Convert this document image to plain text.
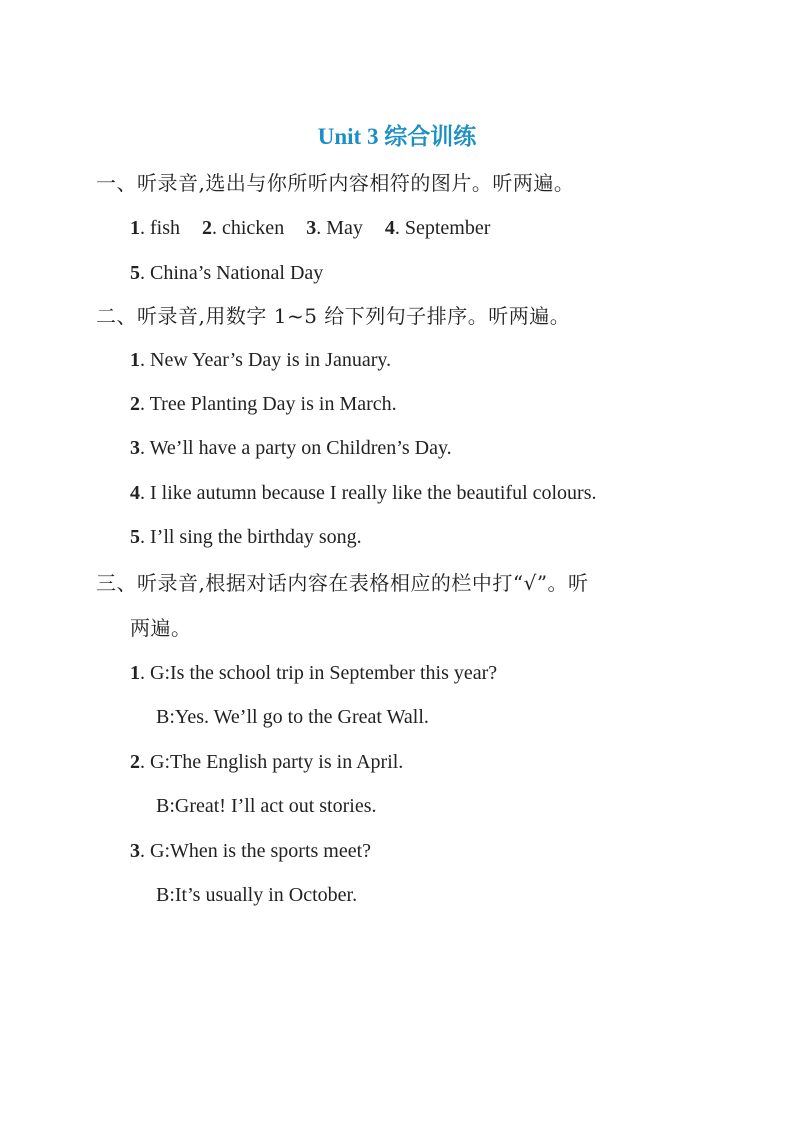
Unit 3 综合训练
一、听录音,选出与你所听内容相符的图片。听两遍。
1. fish 2. chicken 3. May 4. September
5. China’s National Day
二、听录音,用数字 1~5 给下列句子排序。听两遍。
1. New Year’s Day is in January.
2. Tree Planting Day is in March.
3. We’ll have a party on Children’s Day.
4. I like autumn because I really like the beautiful colours.
5. I’ll sing the birthday song.
三、听录音,根据对话内容在表格相应的栏中打“√”。听
两遍。
1. G:Is the school trip in September this year?
B:Yes. We’ll go to the Great Wall.
2. G:The English party is in April.
B:Great! I’ll act out stories.
3. G:When is the sports meet?
B:It’s usually in October.
